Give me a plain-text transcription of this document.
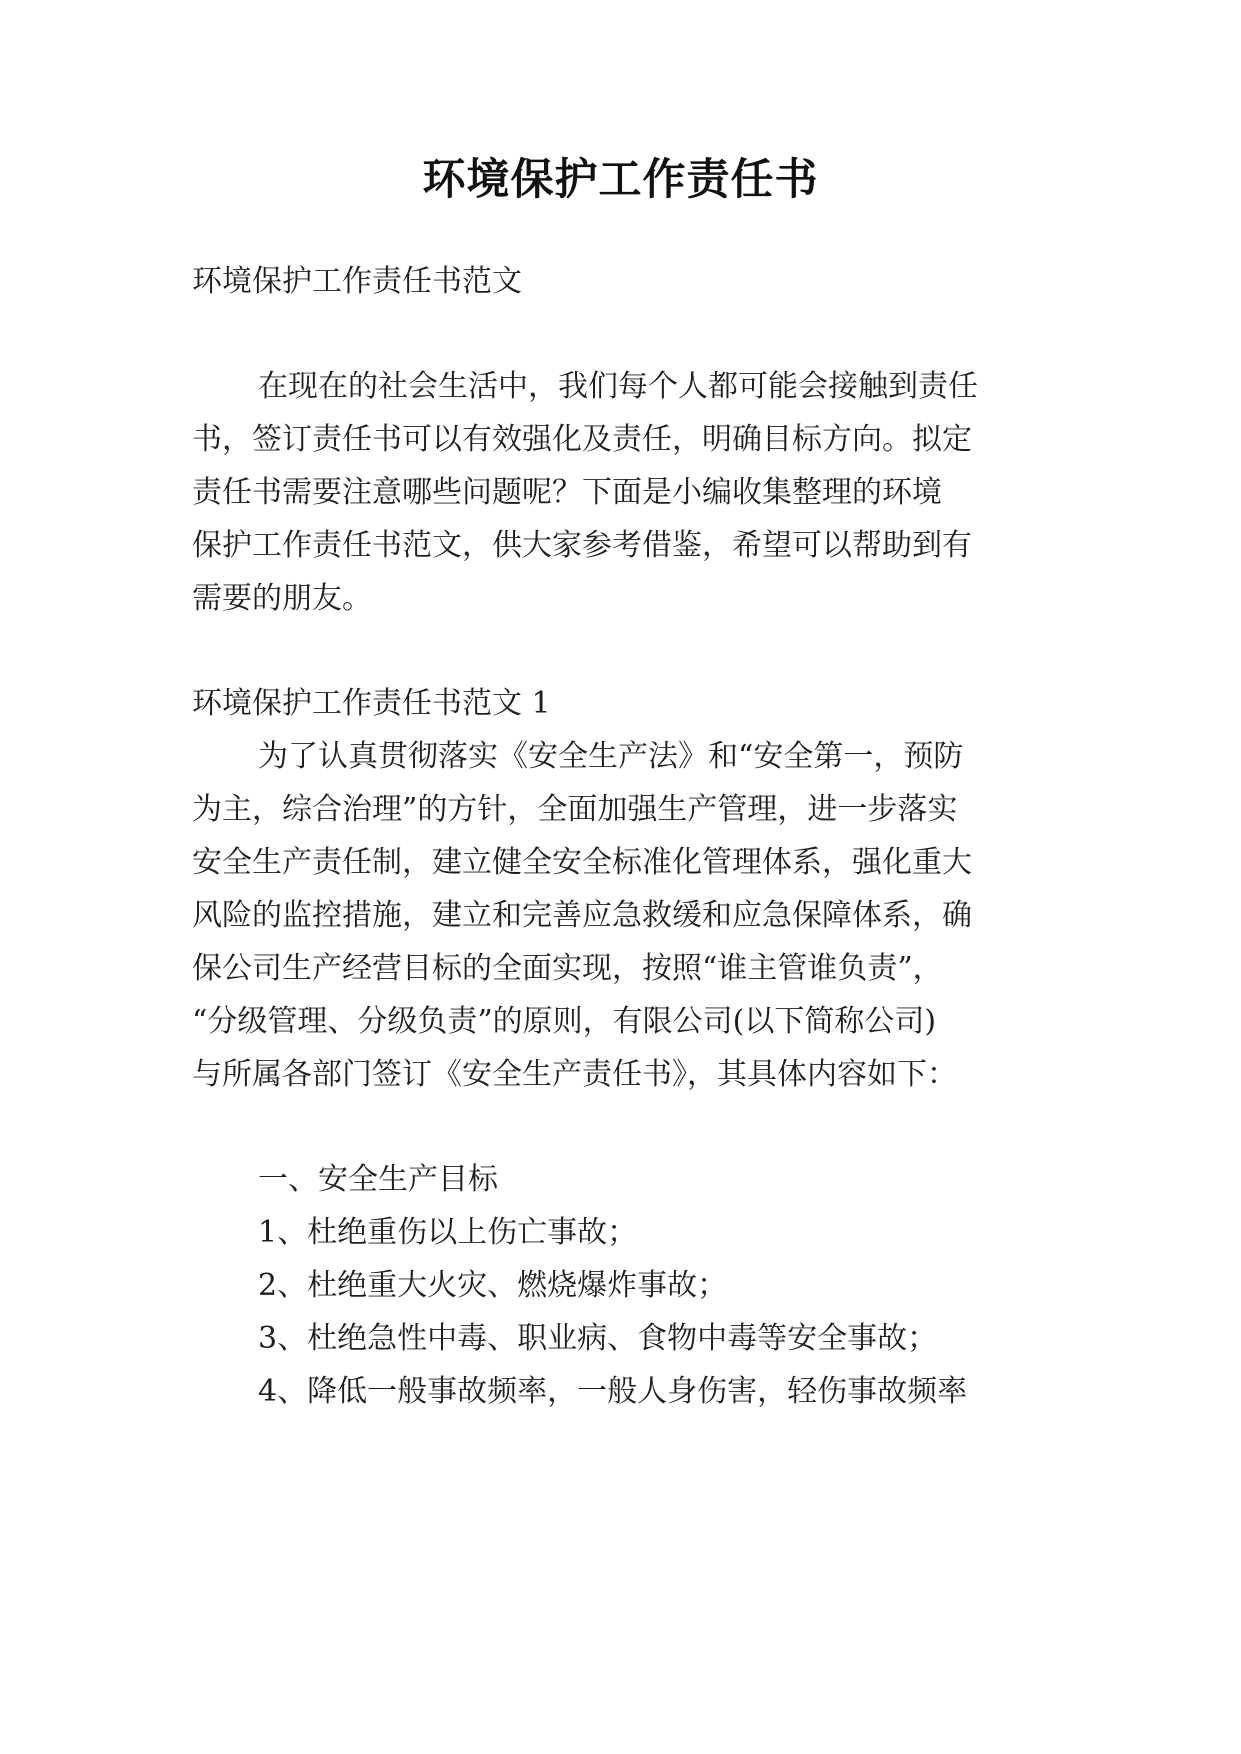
环境保护工作责任书
环境保护工作责任书范文
在现在的社会生活中，我们每个人都可能会接触到责任
书，签订责任书可以有效强化及责任，明确目标方向。拟定
责任书需要注意哪些问题呢？下面是小编收集整理的环境
保护工作责任书范文，供大家参考借鉴，希望可以帮助到有
需要的朋友。
环境保护工作责任书范文 1
为了认真贯彻落实《安全生产法》和“安全第一，预防
为主，综合治理”的方针，全面加强生产管理，进一步落实
安全生产责任制，建立健全安全标准化管理体系，强化重大
风险的监控措施，建立和完善应急救缓和应急保障体系，确
保公司生产经营目标的全面实现，按照“谁主管谁负责”，
“分级管理、分级负责”的原则，有限公司(以下简称公司)
与所属各部门签订《安全生产责任书》，其具体内容如下：
一、安全生产目标
1、杜绝重伤以上伤亡事故；
2、杜绝重大火灾、燃烧爆炸事故；
3、杜绝急性中毒、职业病、食物中毒等安全事故；
4、降低一般事故频率，一般人身伤害，轻伤事故频率
